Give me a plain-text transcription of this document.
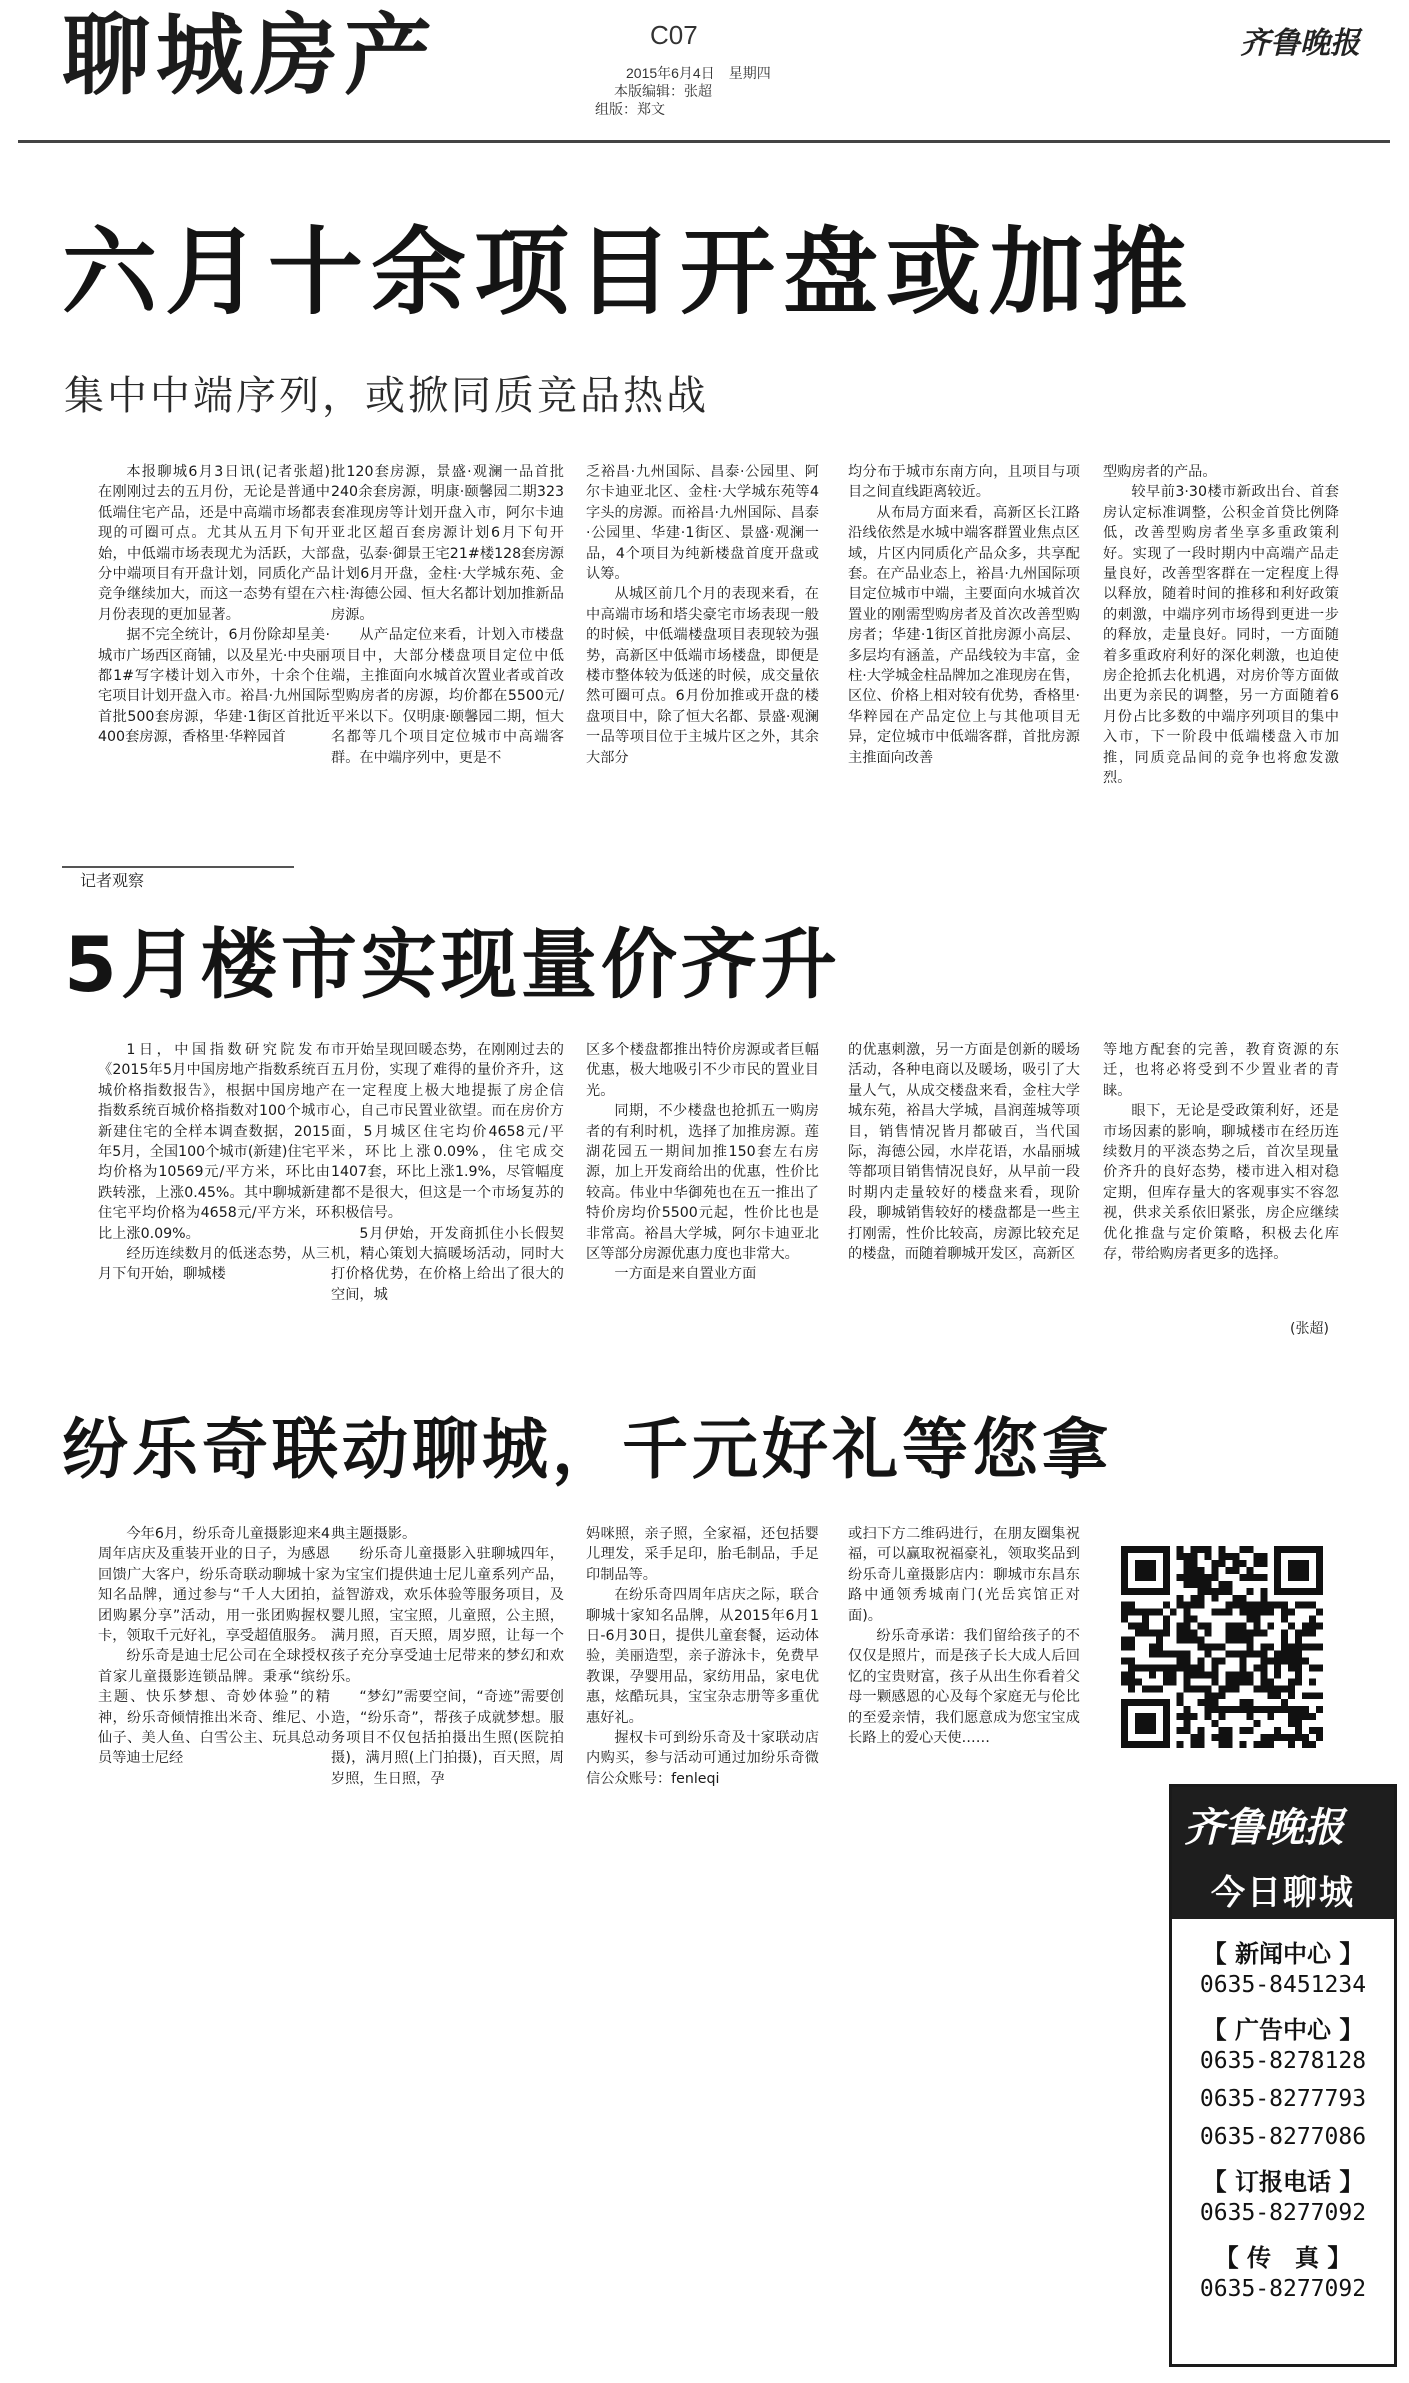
聊城房产	C07	齐鲁晚报
2015年6月4日　星期四
本版编辑：张超
组版：郑文
六月十余项目开盘或加推
集中中端序列，或掀同质竞品热战

本报聊城6月3日讯(记者张超)　在刚刚过去的五月份，无论是普通中低端住宅产品，还是中高端市场都表现的可圈可点。尤其从五月下旬开始，中低端市场表现尤为活跃，大部分中端项目有开盘计划，同质化产品竞争继续加大，而这一态势有望在六月份表现的更加显著。

据不完全统计，6月份除却星美·城市广场西区商铺，以及星光·中央丽都1#写字楼计划入市外，十余个住宅项目计划开盘入市。裕昌·九州国际首批500套房源，华建·1街区首批近400套房源，香格里·华粹园首

批120套房源，景盛·观澜一品首批240余套房源，明康·颐馨园二期323套准现房等计划开盘入市，阿尔卡迪亚北区超百套房源计划6月下旬开盘，弘泰·御景王宅21#楼128套房源计划6月开盘，金柱·大学城东苑、金柱·海德公园、恒大名都计划加推新品房源。

从产品定位来看，计划入市楼盘项目中，大部分楼盘项目定位中低端，主推面向水城首次置业者或首改型购房者的房源，均价都在5500元/平米以下。仅明康·颐馨园二期，恒大名都等几个项目定位城市中高端客群。在中端序列中，更是不

乏裕昌·九州国际、昌泰·公园里、阿尔卡迪亚北区、金柱·大学城东苑等4字头的房源。而裕昌·九州国际、昌泰·公园里、华建·1街区、景盛·观澜一品，4个项目为纯新楼盘首度开盘或认筹。

从城区前几个月的表现来看，在中高端市场和塔尖豪宅市场表现一般的时候，中低端楼盘项目表现较为强势，高新区中低端市场楼盘，即便是楼市整体较为低迷的时候，成交量依然可圈可点。6月份加推或开盘的楼盘项目中，除了恒大名都、景盛·观澜一品等项目位于主城片区之外，其余大部分

均分布于城市东南方向，且项目与项目之间直线距离较近。

从布局方面来看，高新区长江路沿线依然是水城中端客群置业焦点区域，片区内同质化产品众多，共享配套。在产品业态上，裕昌·九州国际项目定位城市中端，主要面向水城首次置业的刚需型购房者及首次改善型购房者；华建·1街区首批房源小高层、多层均有涵盖，产品线较为丰富，金柱·大学城金柱品牌加之准现房在售，区位、价格上相对较有优势，香格里·华粹园在产品定位上与其他项目无异，定位城市中低端客群，首批房源主推面向改善

型购房者的产品。

较早前3·30楼市新政出台、首套房认定标准调整，公积金首贷比例降低，改善型购房者坐享多重政策利好。实现了一段时期内中高端产品走量良好，改善型客群在一定程度上得以释放，随着时间的推移和利好政策的刺激，中端序列市场得到更进一步的释放，走量良好。同时，一方面随着多重政府利好的深化刺激，也迫使房企抢抓去化机遇，对房价等方面做出更为亲民的调整，另一方面随着6月份占比多数的中端序列项目的集中入市，下一阶段中低端楼盘入市加推，同质竞品间的竞争也将愈发激烈。

记者观察
5月楼市实现量价齐升

1日，中国指数研究院发布《2015年5月中国房地产指数系统百城价格指数报告》，根据中国房地产指数系统百城价格指数对100个城市新建住宅的全样本调查数据，2015年5月，全国100个城市(新建)住宅平均价格为10569元/平方米，环比由跌转涨，上涨0.45%。其中聊城新建住宅平均价格为4658元/平方米，环比上涨0.09%。

经历连续数月的低迷态势，从三月下旬开始，聊城楼

市开始呈现回暖态势，在刚刚过去的五月份，实现了难得的量价齐升，这在一定程度上极大地提振了房企信心，自己市民置业欲望。而在房价方面，5月城区住宅均价4658元/平米，环比上涨0.09%，住宅成交1407套，环比上涨1.9%，尽管幅度都不是很大，但这是一个市场复苏的积极信号。

5月伊始，开发商抓住小长假契机，精心策划大搞暖场活动，同时大打价格优势，在价格上给出了很大的空间，城

区多个楼盘都推出特价房源或者巨幅优惠，极大地吸引不少市民的置业目光。

同期，不少楼盘也抢抓五一购房者的有利时机，选择了加推房源。莲湖花园五一期间加推150套左右房源，加上开发商给出的优惠，性价比较高。伟业中华御苑也在五一推出了特价房均价5500元起，性价比也是非常高。裕昌大学城，阿尔卡迪亚北区等部分房源优惠力度也非常大。

一方面是来自置业方面

的优惠刺激，另一方面是创新的暖场活动，各种电商以及暖场，吸引了大量人气，从成交楼盘来看，金柱大学城东苑，裕昌大学城，昌润莲城等项目，销售情况皆月都破百，当代国际，海德公园，水岸花语，水晶丽城等都项目销售情况良好，从早前一段时期内走量较好的楼盘来看，现阶段，聊城销售较好的楼盘都是一些主打刚需，性价比较高，房源比较充足的楼盘，而随着聊城开发区，高新区

等地方配套的完善，教育资源的东迁，也将必将受到不少置业者的青睐。

眼下，无论是受政策利好，还是市场因素的影响，聊城楼市在经历连续数月的平淡态势之后，首次呈现量价齐升的良好态势，楼市进入相对稳定期，但库存量大的客观事实不容忽视，供求关系依旧紧张，房企应继续优化推盘与定价策略，积极去化库存，带给购房者更多的选择。

(张超)
纷乐奇联动聊城，千元好礼等您拿

今年6月，纷乐奇儿童摄影迎来4周年店庆及重装开业的日子，为感恩回馈广大客户，纷乐奇联动聊城十家知名品牌，通过参与“千人大团拍，团购累分享”活动，用一张团购握权卡，领取千元好礼，享受超值服务。

纷乐奇是迪士尼公司在全球授权首家儿童摄影连锁品牌。秉承“缤纷主题、快乐梦想、奇妙体验”的精神，纷乐奇倾情推出米奇、维尼、小仙子、美人鱼、白雪公主、玩具总动员等迪士尼经

典主题摄影。

纷乐奇儿童摄影入驻聊城四年，为宝宝们提供迪士尼儿童系列产品，益智游戏，欢乐体验等服务项目，及婴儿照，宝宝照，儿童照，公主照，满月照，百天照，周岁照，让每一个孩子充分享受迪士尼带来的梦幻和欢乐。

“梦幻”需要空间，“奇迹”需要创造，“纷乐奇”，帮孩子成就梦想。服务项目不仅包括拍摄出生照(医院拍摄)，满月照(上门拍摄)，百天照，周岁照，生日照，孕

妈咪照，亲子照，全家福，还包括婴儿理发，采手足印，胎毛制品，手足印制品等。

在纷乐奇四周年店庆之际，联合聊城十家知名品牌，从2015年6月1日-6月30日，提供儿童套餐，运动体验，美丽造型，亲子游泳卡，免费早教课，孕婴用品，家纺用品，家电优惠，炫酷玩具，宝宝杂志册等多重优惠好礼。

握权卡可到纷乐奇及十家联动店内购买，参与活动可通过加纷乐奇微信公众账号：fenleqi

或扫下方二维码进行，在朋友圈集祝福，可以赢取祝福豪礼，领取奖品到纷乐奇儿童摄影店内：聊城市东昌东路中通领秀城南门(光岳宾馆正对面)。

纷乐奇承诺：我们留给孩子的不仅仅是照片，而是孩子长大成人后回忆的宝贵财富，孩子从出生你看着父母一颗感恩的心及每个家庭无与伦比的至爱亲情，我们愿意成为您宝宝成长路上的爱心天使……

齐鲁晚报
今日聊城
【 新闻中心 】
0635-8451234
【 广告中心 】
0635-8278128
0635-8277793
0635-8277086
【 订报电话 】
0635-8277092
【 传　真 】
0635-8277092
